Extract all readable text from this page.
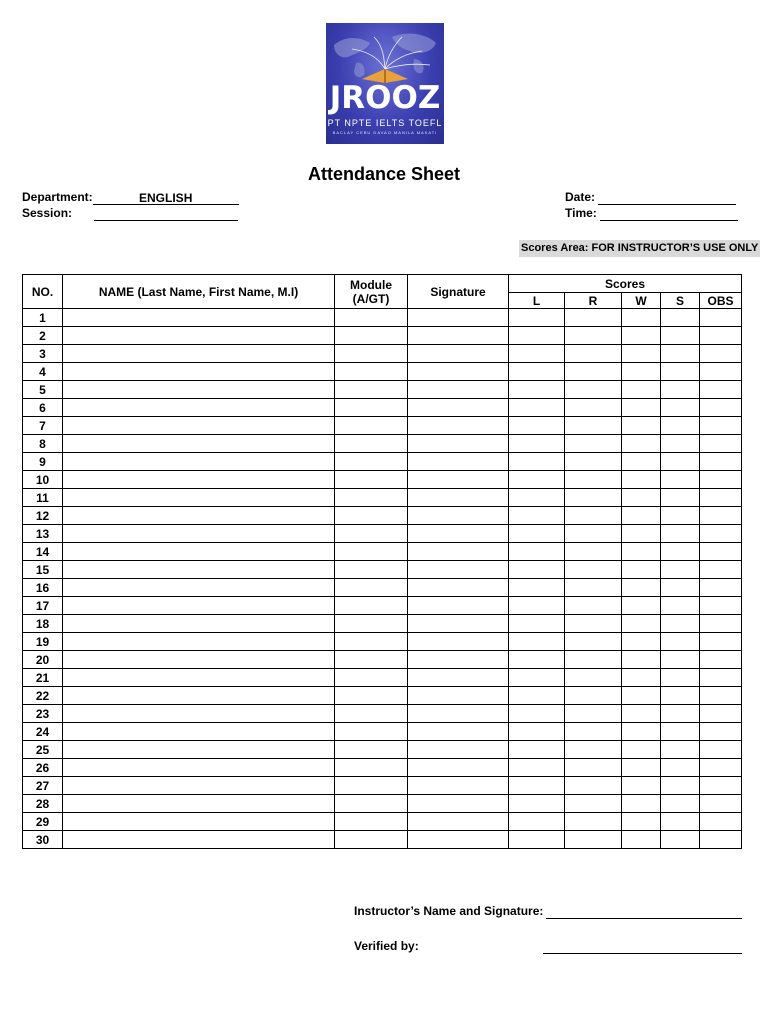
JROOZ
PT NPTE IELTS TOEFL
BACLAY CEBU DAVAO MANILA MAKATI
Attendance Sheet
Department:	ENGLISH
Session:
Date:
Time:
Scores Area: FOR INSTRUCTOR’S USE ONLY
NO.	NAME (Last Name, First Name, M.I)	Module (A/GT)	Signature	Scores				
				L	R	W	S	OBS
1								
2								
3								
4								
5								
6								
7								
8								
9								
10								
11								
12								
13								
14								
15								
16								
17								
18								
19								
20								
21								
22								
23								
24								
25								
26								
27								
28								
29								
30								
Instructor’s Name and Signature:
Verified by:
